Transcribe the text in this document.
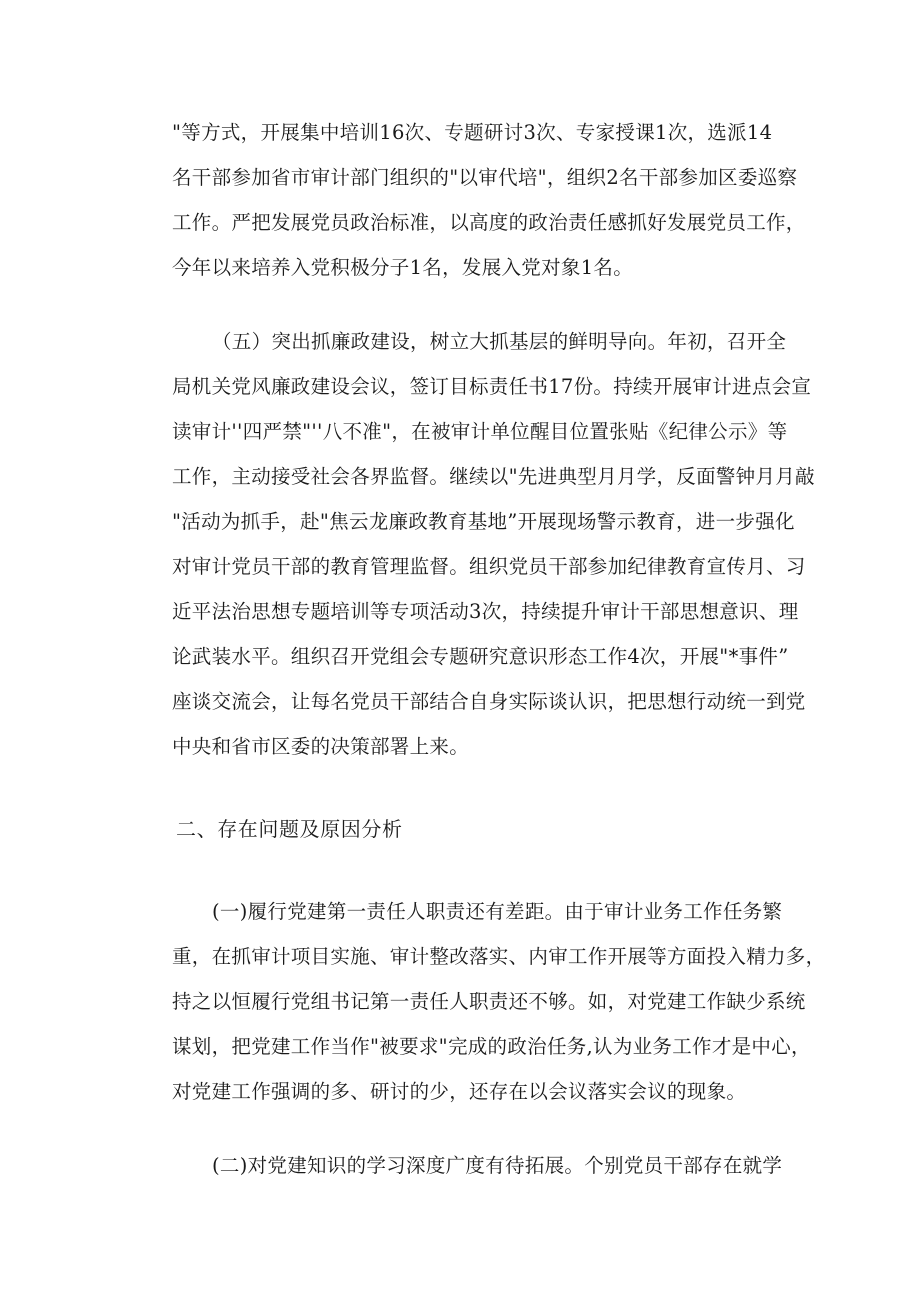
"等方式，开展集中培训16次、专题研讨3次、专家授课1次，选派14
名干部参加省市审计部门组织的"以审代培"，组织2名干部参加区委巡察
工作。严把发展党员政治标准，以高度的政治责任感抓好发展党员工作，
今年以来培养入党积极分子1名，发展入党对象1名。
（五）突出抓廉政建设，树立大抓基层的鲜明导向。年初，召开全
局机关党风廉政建设会议，签订目标责任书17份。持续开展审计进点会宣
读审计''四严禁"''八不准"，在被审计单位醒目位置张贴《纪律公示》等
工作，主动接受社会各界监督。继续以"先进典型月月学，反面警钟月月敲
"活动为抓手，赴"焦云龙廉政教育基地”开展现场警示教育，进一步强化
对审计党员干部的教育管理监督。组织党员干部参加纪律教育宣传月、习
近平法治思想专题培训等专项活动3次，持续提升审计干部思想意识、理
论武装水平。组织召开党组会专题研究意识形态工作4次，开展"*事件”
座谈交流会，让每名党员干部结合自身实际谈认识，把思想行动统一到党
中央和省市区委的决策部署上来。
二、存在问题及原因分析
(一)履行党建第一责任人职责还有差距。由于审计业务工作任务繁
重，在抓审计项目实施、审计整改落实、内审工作开展等方面投入精力多，
持之以恒履行党组书记第一责任人职责还不够。如，对党建工作缺少系统
谋划，把党建工作当作"被要求"完成的政治任务,认为业务工作才是中心，
对党建工作强调的多、研讨的少，还存在以会议落实会议的现象。
(二)对党建知识的学习深度广度有待拓展。个别党员干部存在就学
